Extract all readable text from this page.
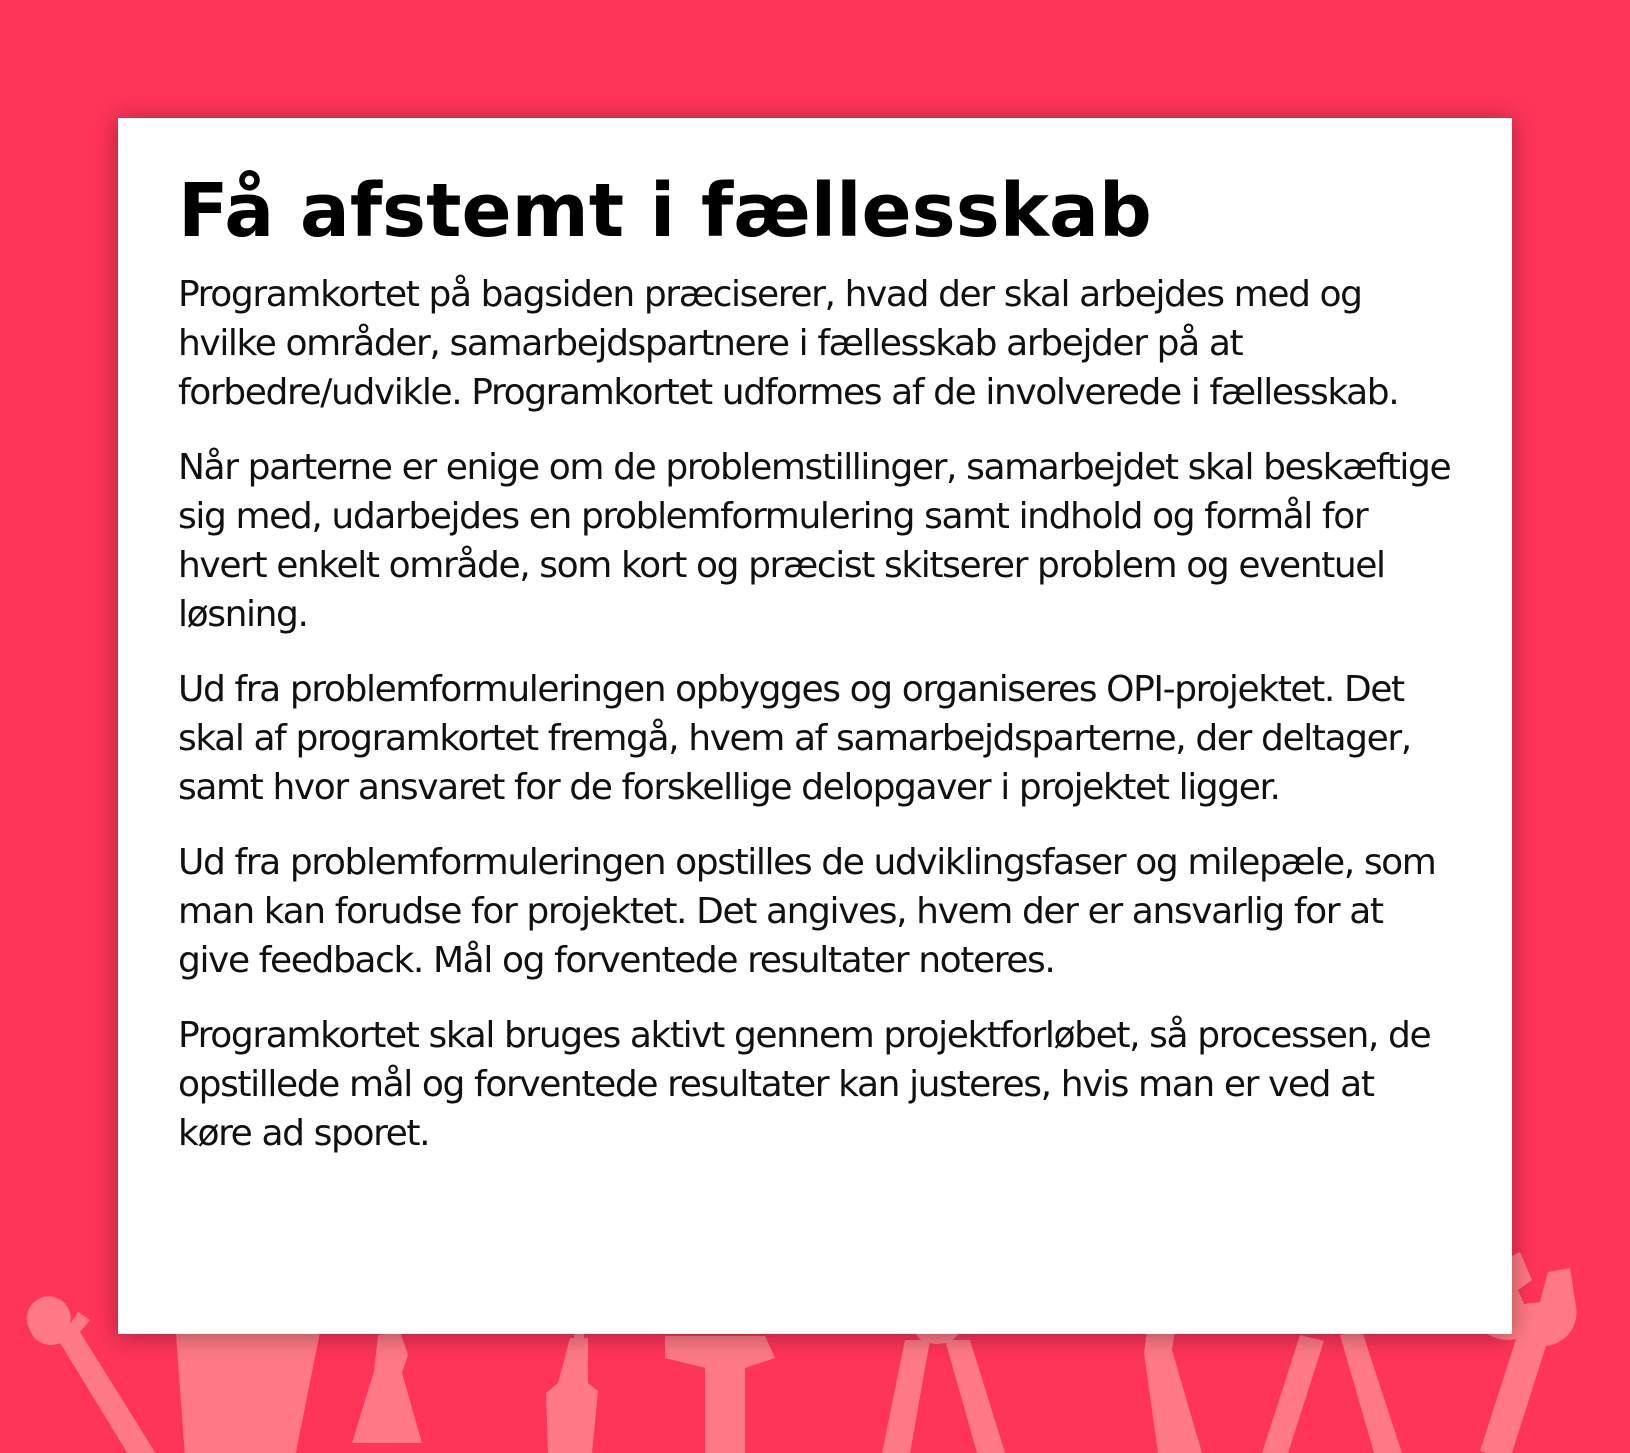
Få afstemt i fællesskab

Programkortet på bagsiden præciserer, hvad der skal arbejdes med og hvilke områder, samarbejdspartnere i fællesskab arbejder på at forbedre/udvikle. Programkortet udformes af de involverede i fællesskab.

Når parterne er enige om de problemstillinger, samarbejdet skal beskæftige sig med, udarbejdes en problemformulering samt indhold og formål for hvert enkelt område, som kort og præcist skitserer problem og eventuel løsning.

Ud fra problemformuleringen opbygges og organiseres OPI-projektet. Det skal af programkortet fremgå, hvem af samarbejdsparterne, der deltager, samt hvor ansvaret for de forskellige delopgaver i projektet ligger.

Ud fra problemformuleringen opstilles de udviklingsfaser og milepæle, som man kan forudse for projektet. Det angives, hvem der er ansvarlig for at give feedback. Mål og forventede resultater noteres.

Programkortet skal bruges aktivt gennem projektforløbet, så processen, de opstillede mål og forventede resultater kan justeres, hvis man er ved at køre ad sporet.
